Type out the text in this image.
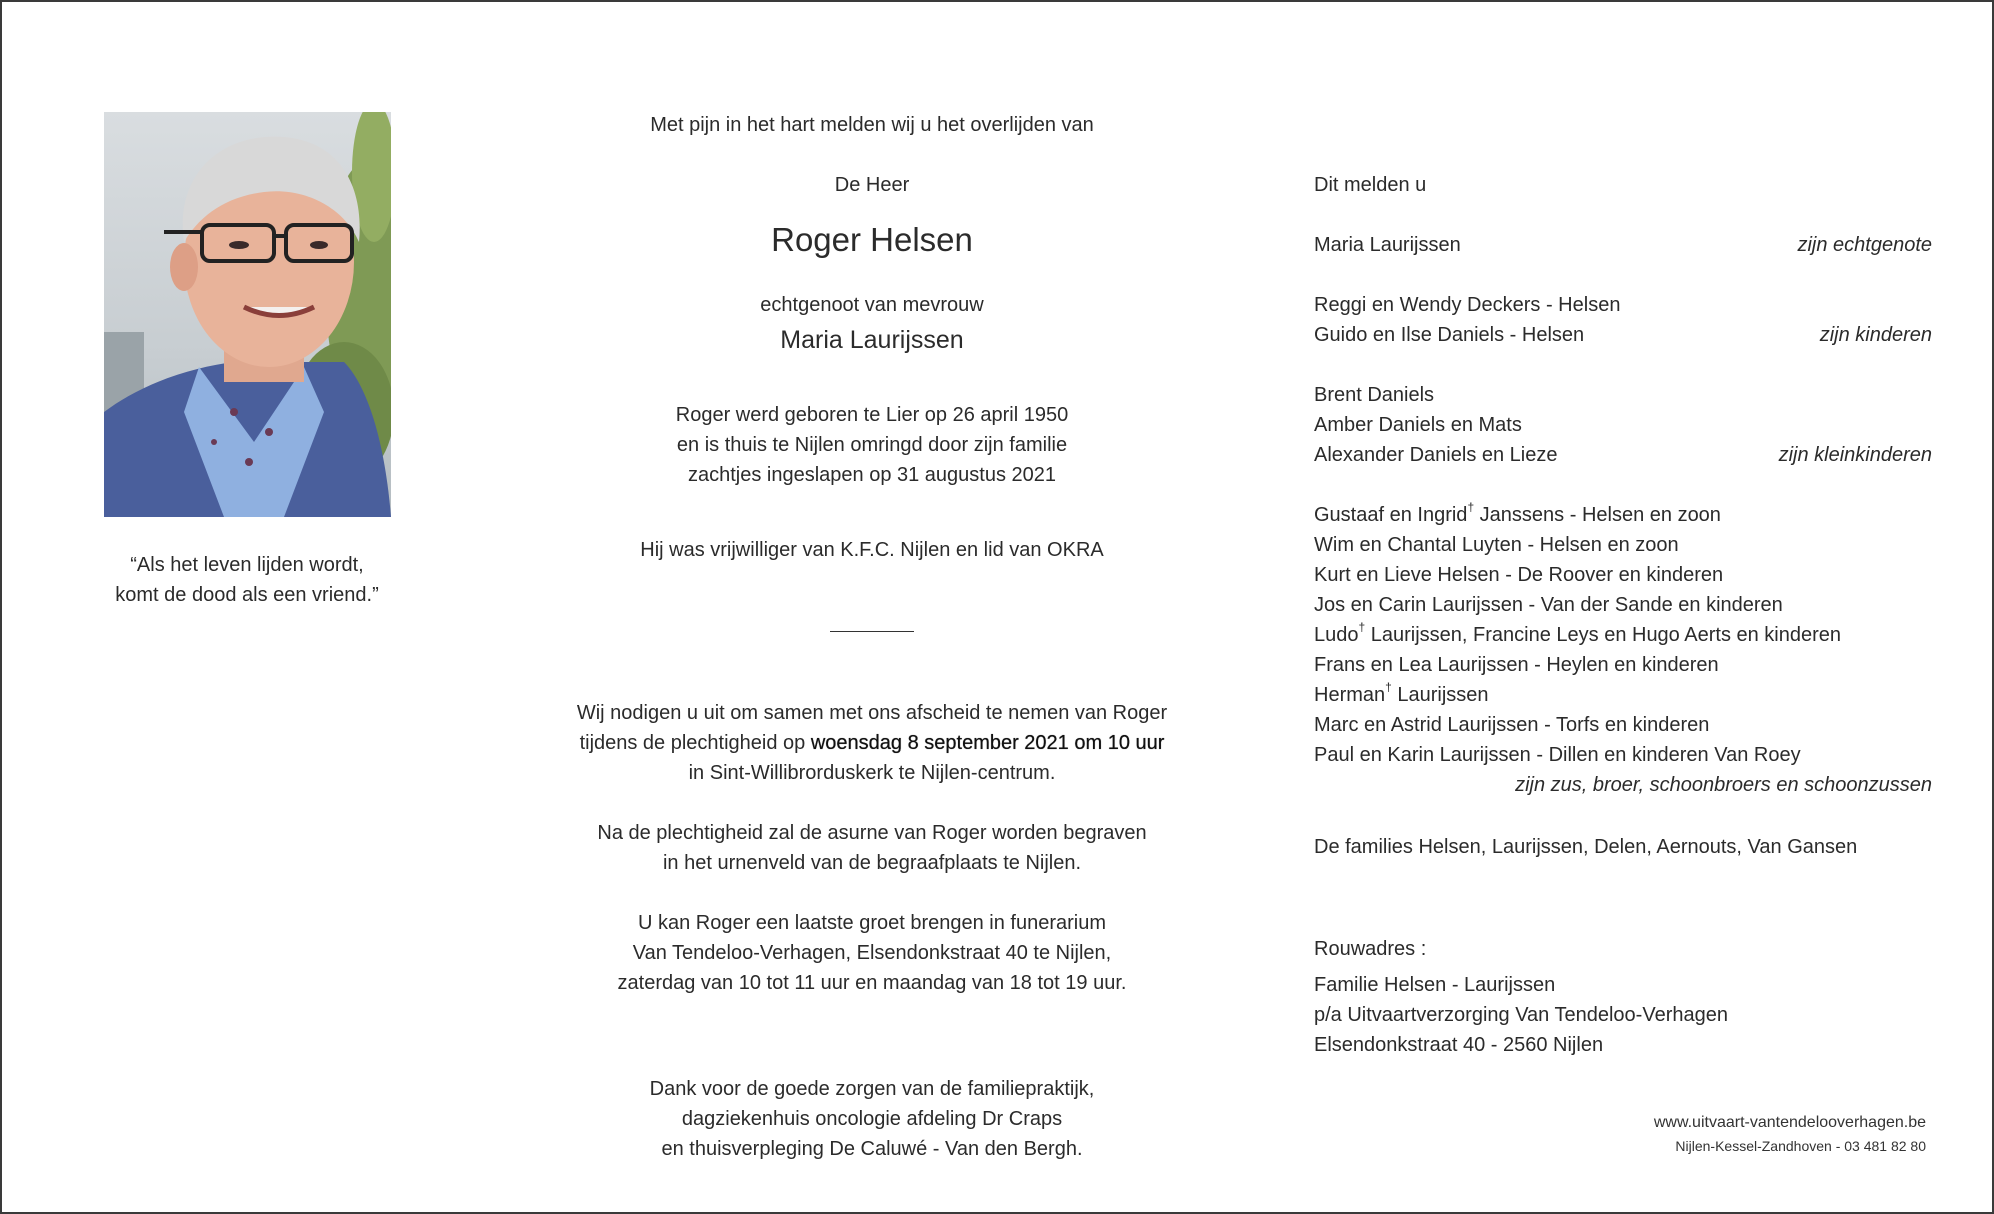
“Als het leven lijden wordt,
komt de dood als een vriend.”
Met pijn in het hart melden wij u het overlijden van
De Heer
Roger Helsen
echtgenoot van mevrouw
Maria Laurijssen
Roger werd geboren te Lier op 26 april 1950
en is thuis te Nijlen omringd door zijn familie
zachtjes ingeslapen op 31 augustus 2021
Hij was vrijwilliger van K.F.C. Nijlen en lid van OKRA
Wij nodigen u uit om samen met ons afscheid te nemen van Roger
tijdens de plechtigheid op woensdag 8 september 2021 om 10 uur
in Sint-Willibrorduskerk te Nijlen-centrum.
Na de plechtigheid zal de asurne van Roger worden begraven
in het urnenveld van de begraafplaats te Nijlen.
U kan Roger een laatste groet brengen in funerarium
Van Tendeloo-Verhagen, Elsendonkstraat 40 te Nijlen,
zaterdag van 10 tot 11 uur en maandag van 18 tot 19 uur.
Dank voor de goede zorgen van de familiepraktijk,
dagziekenhuis oncologie afdeling Dr Craps
en thuisverpleging De Caluwé - Van den Bergh.
Dit melden u
Maria Laurijssen	zijn echtgenote
Reggi en Wendy Deckers - Helsen
Guido en Ilse Daniels - Helsen	zijn kinderen
Brent Daniels
Amber Daniels en Mats
Alexander Daniels en Lieze	zijn kleinkinderen
Gustaaf en Ingrid† Janssens - Helsen en zoon
Wim en Chantal Luyten - Helsen en zoon
Kurt en Lieve Helsen - De Roover en kinderen
Jos en Carin Laurijssen - Van der Sande en kinderen
Ludo† Laurijssen, Francine Leys en Hugo Aerts en kinderen
Frans en Lea Laurijssen - Heylen en kinderen
Herman† Laurijssen
Marc en Astrid Laurijssen - Torfs en kinderen
Paul en Karin Laurijssen - Dillen en kinderen Van Roey
zijn zus, broer, schoonbroers en schoonzussen
De families Helsen, Laurijssen, Delen, Aernouts, Van Gansen
Rouwadres :
Familie Helsen - Laurijssen
p/a Uitvaartverzorging Van Tendeloo-Verhagen
Elsendonkstraat 40 - 2560 Nijlen
www.uitvaart-vantendelooverhagen.be
Nijlen-Kessel-Zandhoven - 03 481 82 80
